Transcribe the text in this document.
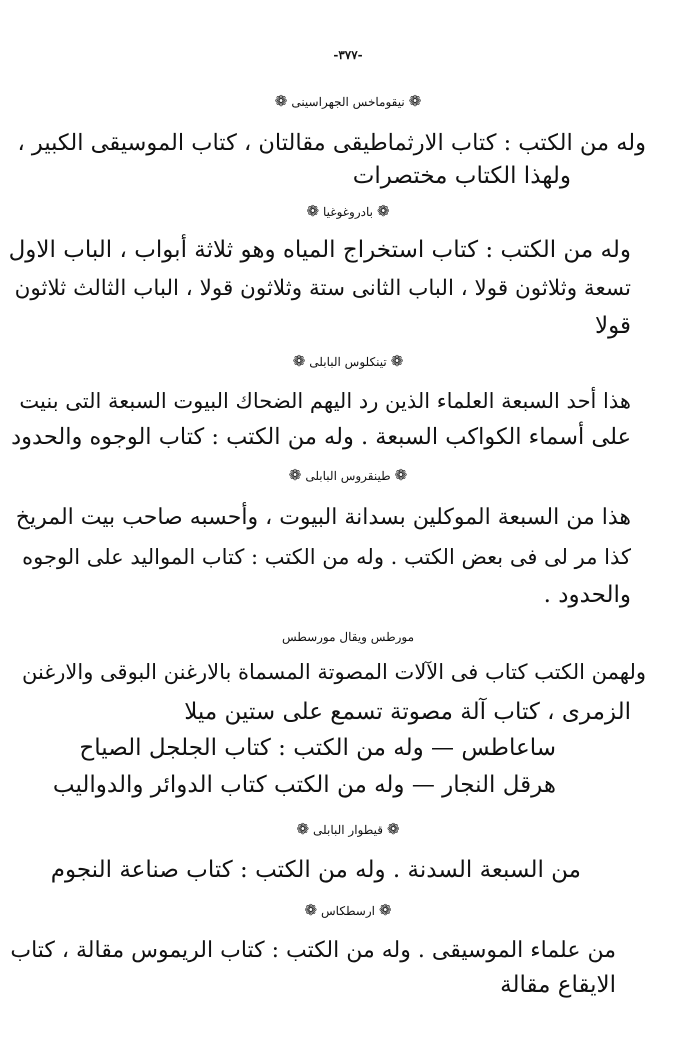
-٣٧٧-
❁نيقوماخس الجهراسينى❁
وله من الكتب : كتاب الارثماطيقى مقالتان ، كتاب الموسيقى الكبير ،
ولهذا الكتاب مختصرات
❁بادروغوغيا❁
وله من الكتب : كتاب استخراج المياه وهو ثلاثة أبواب ، الباب الاول
تسعة وثلاثون قولا ، الباب الثانى ستة وثلاثون قولا ، الباب الثالث ثلاثون
قولا
❁تينكلوس البابلى❁
هذا أحد السبعة العلماء الذين رد اليهم الضحاك البيوت السبعة التى بنيت
على أسماء الكواكب السبعة . وله من الكتب : كتاب الوجوه والحدود
❁طينقروس البابلى❁
هذا من السبعة الموكلين بسدانة البيوت ، وأحسبه صاحب بيت المريخ
كذا مر لى فى بعض الكتب . وله من الكتب : كتاب المواليد على الوجوه
والحدود .
مورطس ويقال مورسطس
ولهمن الكتب كتاب فى الآلات المصوتة المسماة بالارغنن البوقى والارغنن
الزمرى ، كتاب آلة مصوتة تسمع على ستين ميلا
ساعاطس — وله من الكتب : كتاب الجلجل الصياح
هرقل النجار — وله من الكتب كتاب الدوائر والدواليب
❁قيطوار البابلى❁
من السبعة السدنة . وله من الكتب : كتاب صناعة النجوم
❁ارسطكاس❁
من علماء الموسيقى . وله من الكتب : كتاب الريموس مقالة ، كتاب
الايقاع مقالة
